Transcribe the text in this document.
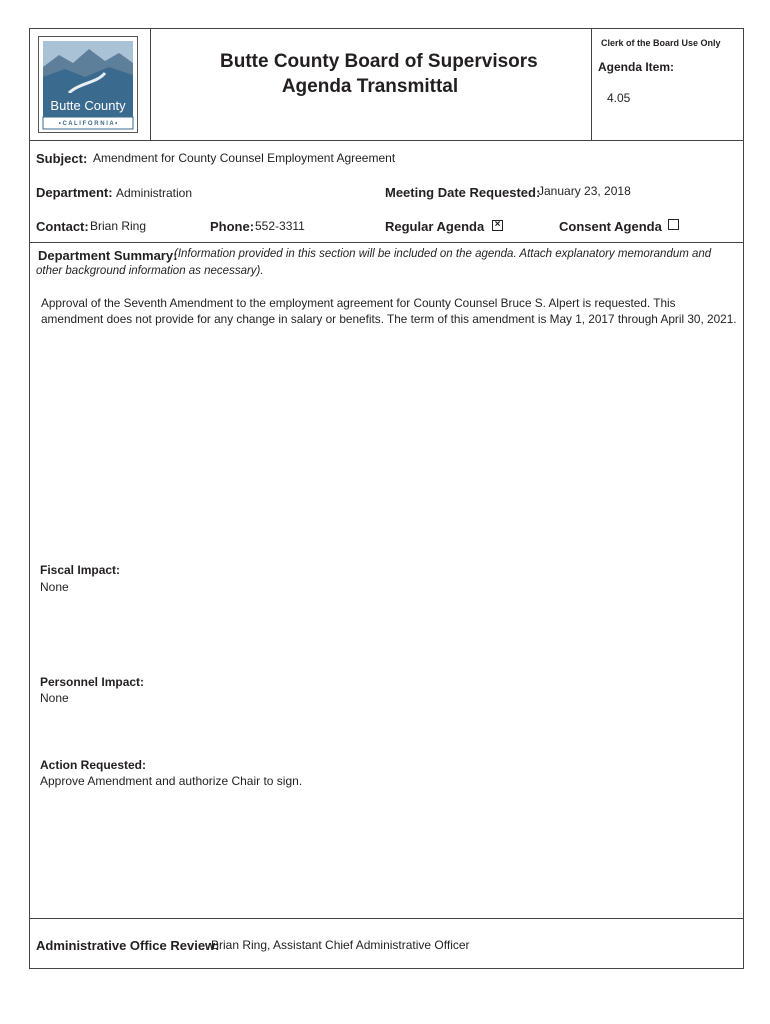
Butte County
• C A L I F O R N I A •
Butte County Board of Supervisors
Agenda Transmittal
Clerk of the Board Use Only
Agenda Item:
4.05
Subject: Amendment for County Counsel Employment Agreement
Department: Administration	Meeting Date Requested:
January 23, 2018
Contact: Brian Ring	Phone: 552-3311	Regular Agenda ×	Consent Agenda
Department Summary:
(Information provided in this section will be included on the agenda. Attach explanatory memorandum and
other background information as necessary).
Approval of the Seventh Amendment to the employment agreement for County Counsel Bruce S. Alpert is requested. This
amendment does not provide for any change in salary or benefits. The term of this amendment is May 1, 2017 through April 30, 2021.
Fiscal Impact:
None
Personnel Impact:
None
Action Requested:
Approve Amendment and authorize Chair to sign.
Administrative Office Review:
Brian Ring, Assistant Chief Administrative Officer
